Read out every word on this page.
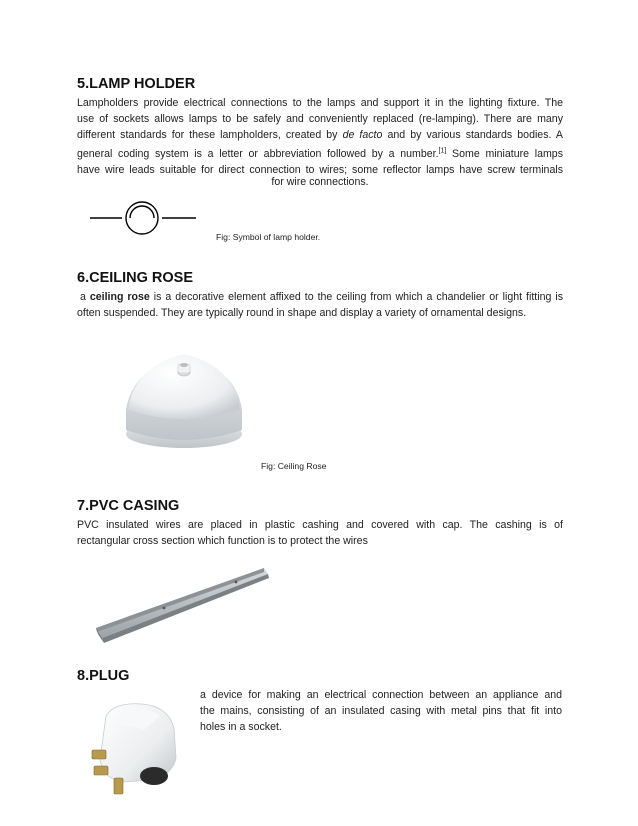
5.LAMP HOLDER
Lampholders provide electrical connections to the lamps and support it in the lighting fixture. The
use of sockets allows lamps to be safely and conveniently replaced (re-lamping). There are many
different standards for these lampholders, created by de facto and by various standards bodies. A
general coding system is a letter or abbreviation followed by a number.[1] Some miniature lamps
have wire leads suitable for direct connection to wires; some reflector lamps have screw terminals
for wire connections.
Fig: Symbol of lamp holder.
6.CEILING ROSE
a ceiling rose is a decorative element affixed to the ceiling from which a chandelier or light fitting is
often suspended. They are typically round in shape and display a variety of ornamental designs.
Fig: Ceiling Rose
7.PVC CASING
PVC insulated wires are placed in plastic cashing and covered with cap. The cashing is of
rectangular cross section which function is to protect the wires
8.PLUG
a device for making an electrical connection between an appliance and
the mains, consisting of an insulated casing with metal pins that fit into
holes in a socket.
